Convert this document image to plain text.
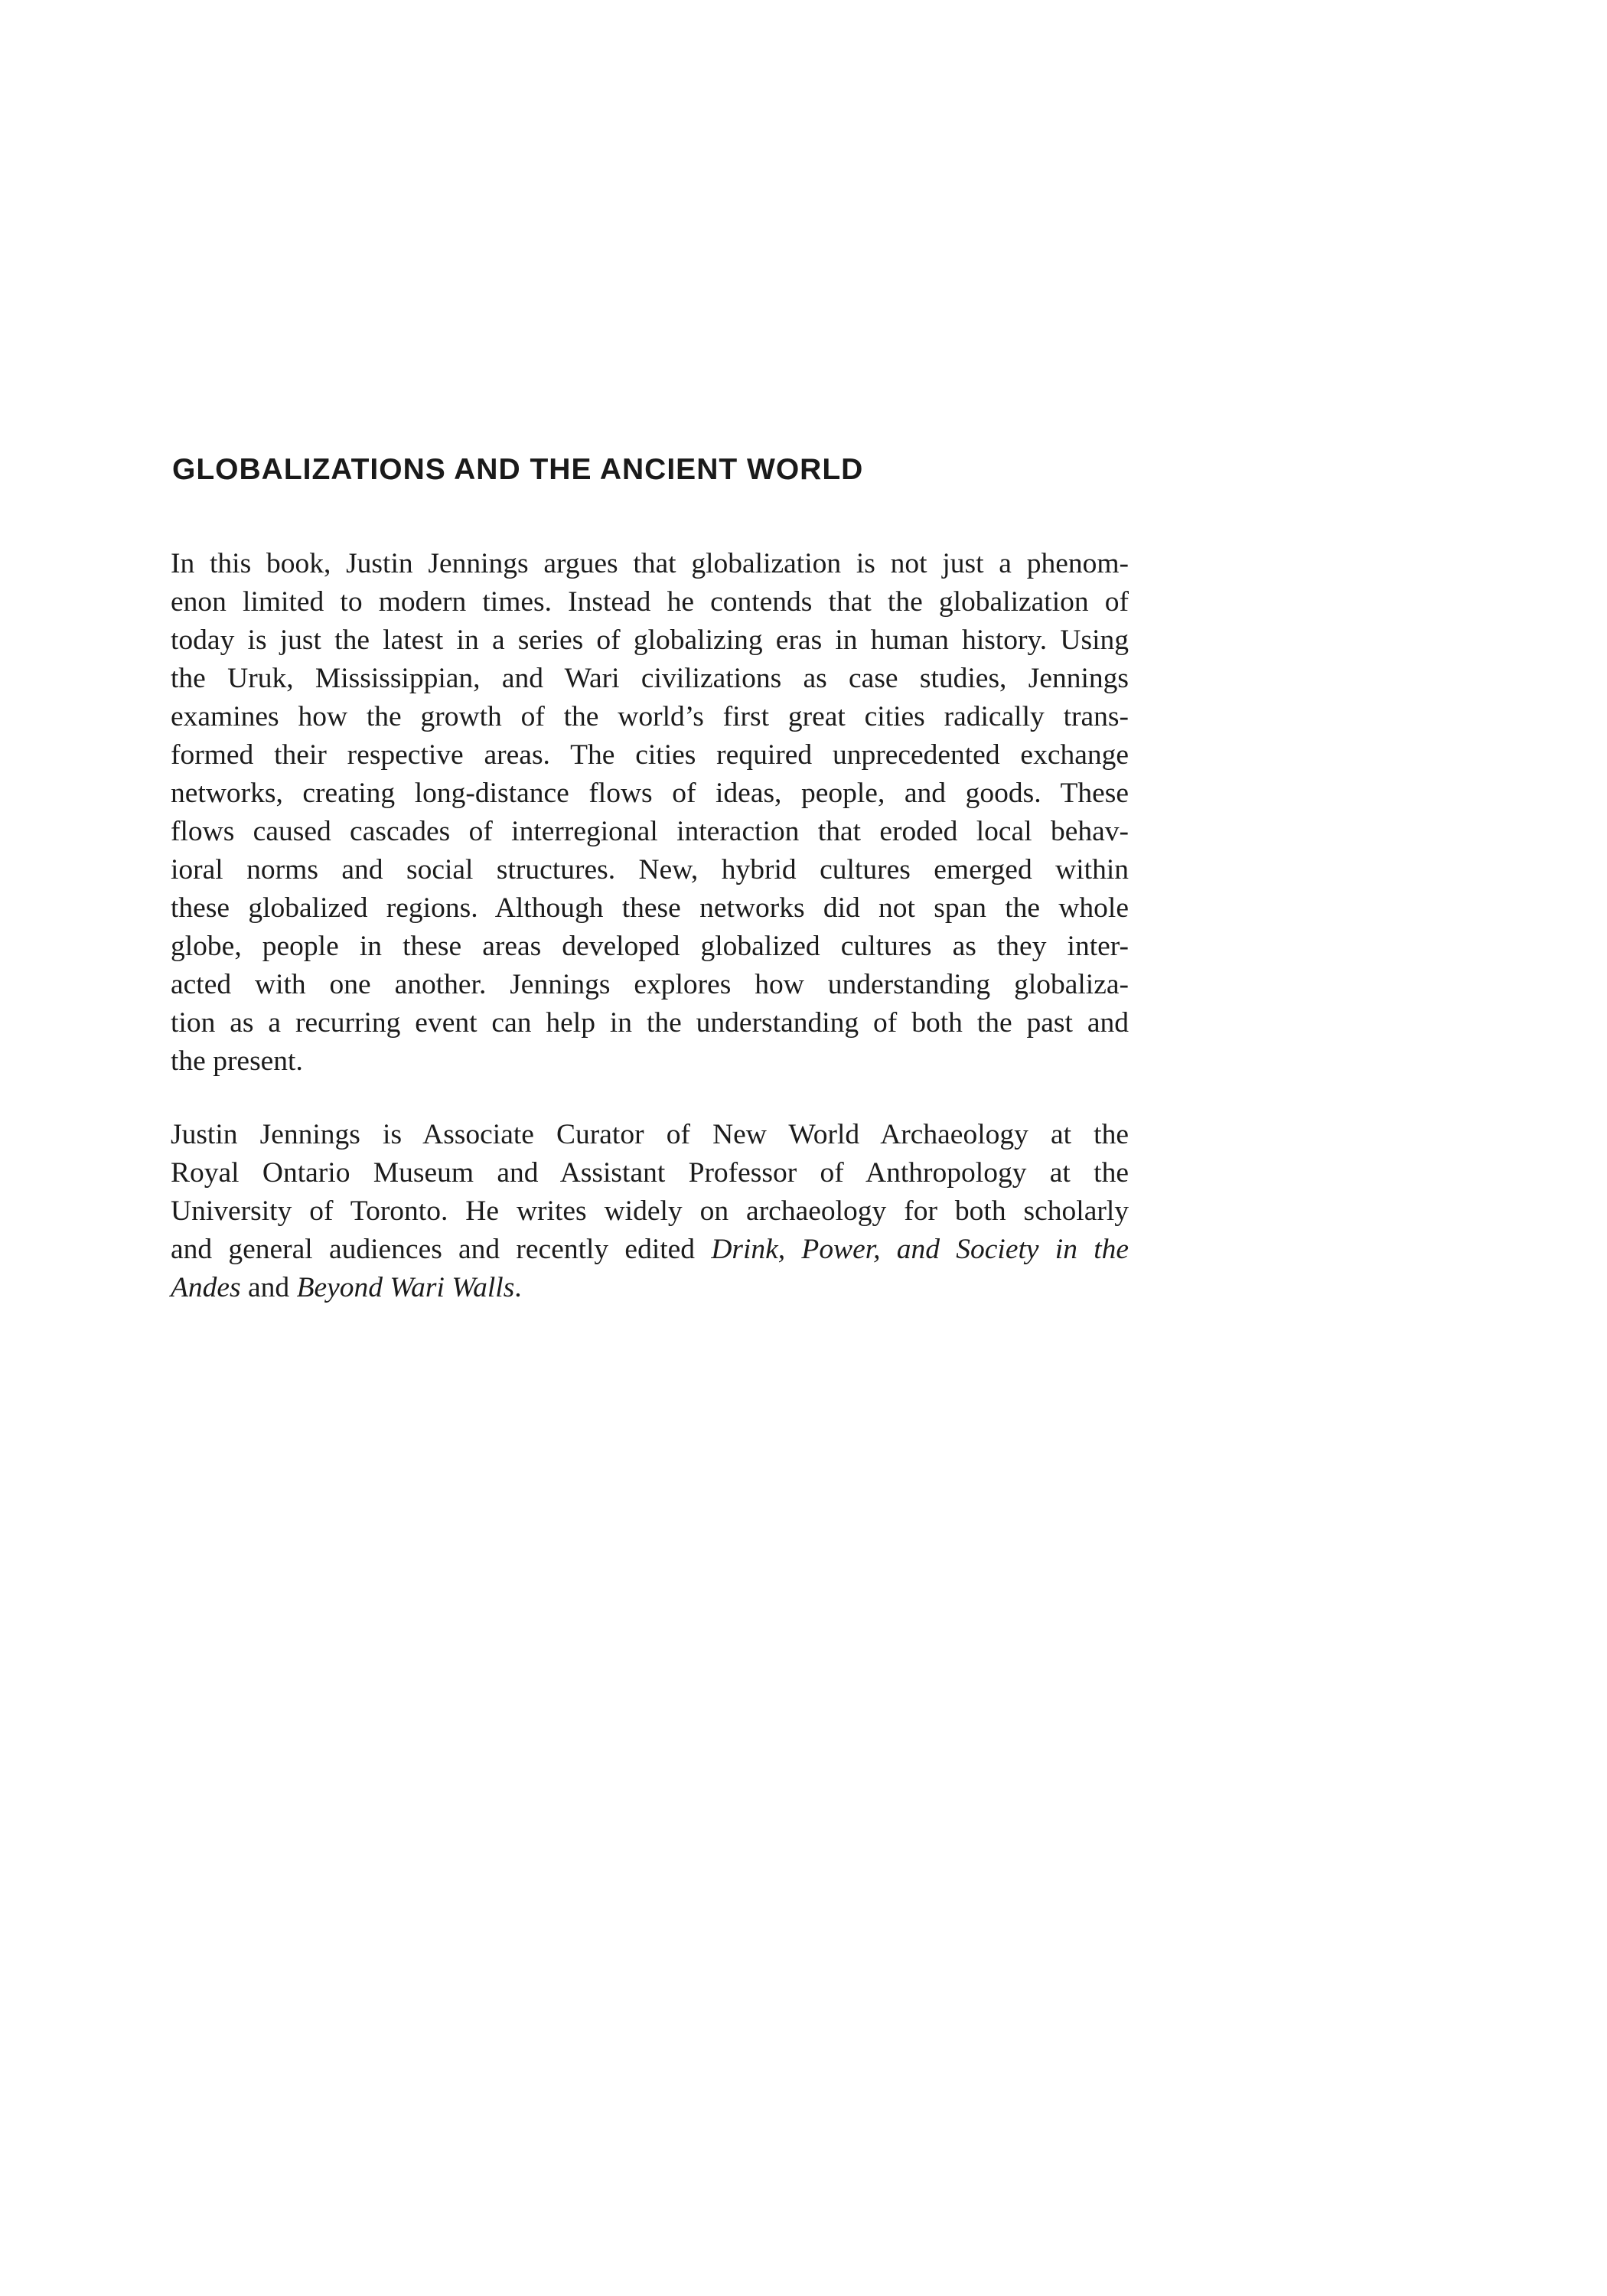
GLOBALIZATIONS AND THE ANCIENT WORLD
In this book, Justin Jennings argues that globalization is not just a phenom-
enon limited to modern times. Instead he contends that the globalization of
today is just the latest in a series of globalizing eras in human history. Using
the Uruk, Mississippian, and Wari civilizations as case studies, Jennings
examines how the growth of the world’s first great cities radically trans-
formed their respective areas. The cities required unprecedented exchange
networks, creating long-distance flows of ideas, people, and goods. These
flows caused cascades of interregional interaction that eroded local behav-
ioral norms and social structures. New, hybrid cultures emerged within
these globalized regions. Although these networks did not span the whole
globe, people in these areas developed globalized cultures as they inter-
acted with one another. Jennings explores how understanding globaliza-
tion as a recurring event can help in the understanding of both the past and
the present.
Justin Jennings is Associate Curator of New World Archaeology at the
Royal Ontario Museum and Assistant Professor of Anthropology at the
University of Toronto. He writes widely on archaeology for both scholarly
and general audiences and recently edited Drink, Power, and Society in the
Andes and Beyond Wari Walls.
